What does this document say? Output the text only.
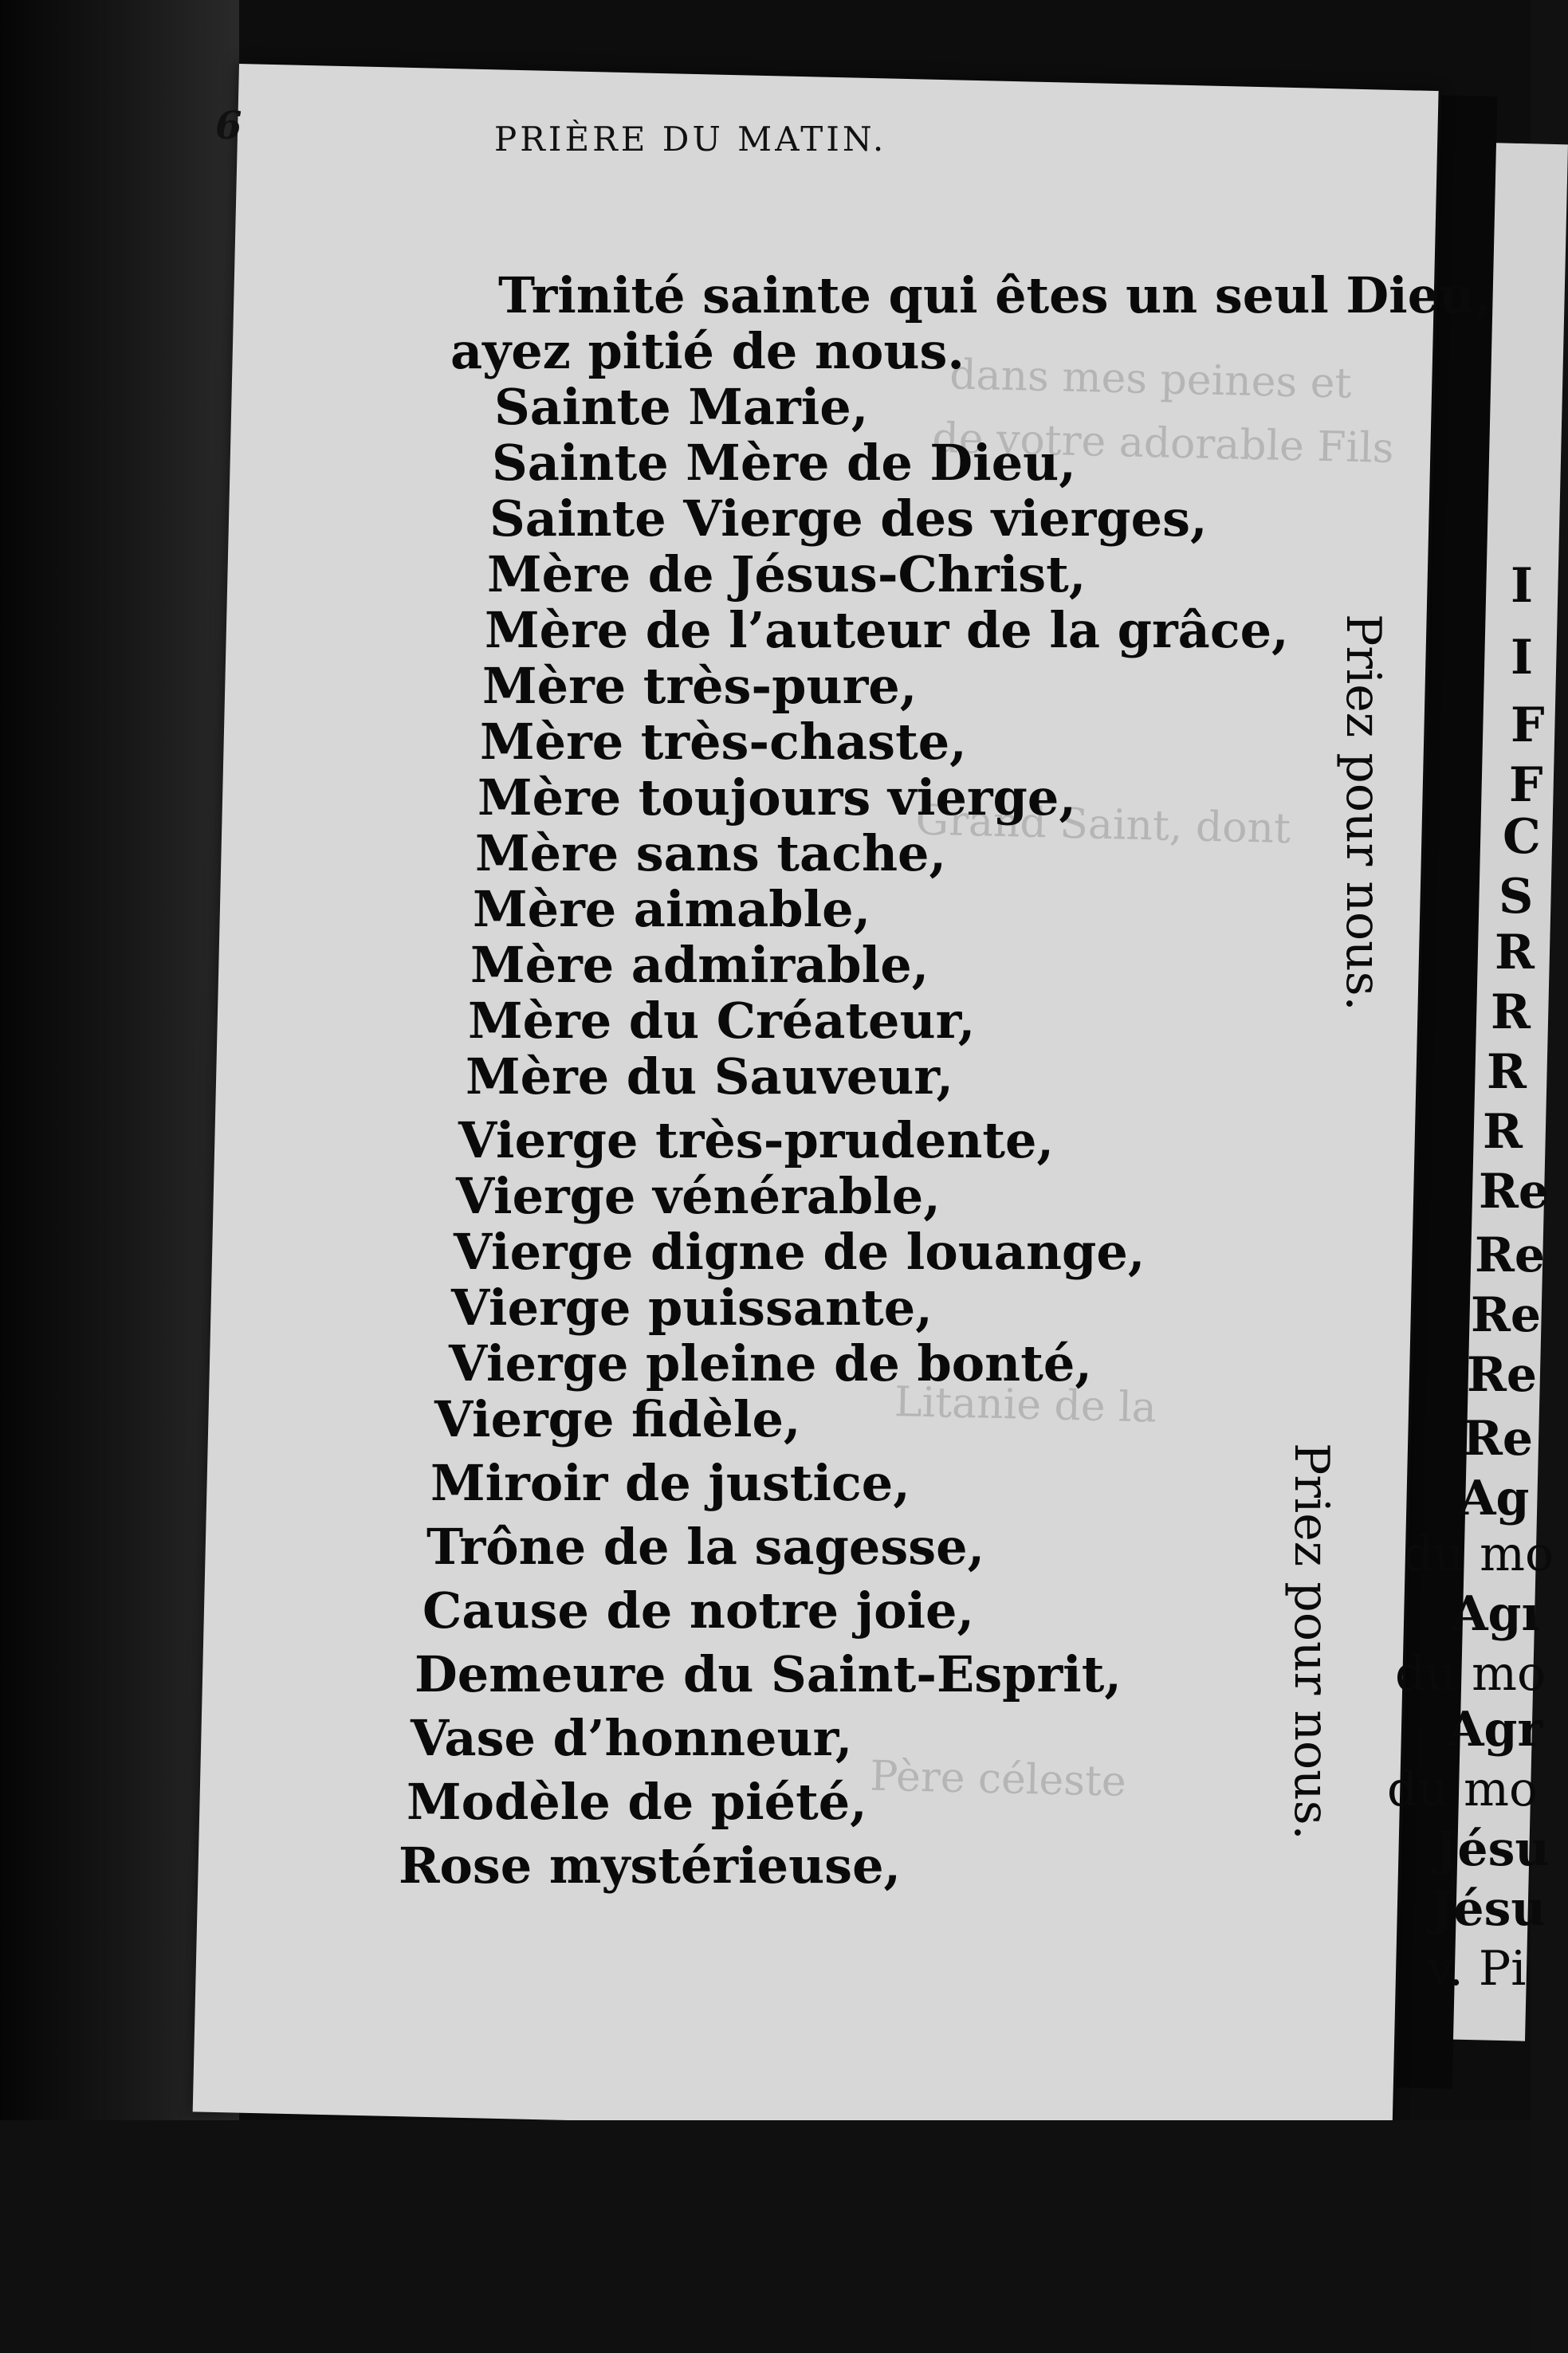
dans mes peines et
de votre adorable Fils
Grand Saint, dont
Litanie de la
Père céleste
6	PRIÈRE DU MATIN.
Trinité sainte qui êtes un seul Dieu,
ayez pitié de nous.
Sainte Marie,
Sainte Mère de Dieu,
Sainte Vierge des vierges,
Mère de Jésus-Christ,
Mère de l’auteur de la grâce,
Mère très-pure,
Mère très-chaste,
Mère toujours vierge,
Mère sans tache,
Mère aimable,
Mère admirable,
Mère du Créateur,
Mère du Sauveur,
Vierge très-prudente,
Vierge vénérable,
Vierge digne de louange,
Vierge puissante,
Vierge pleine de bonté,
Vierge fidèle,
Miroir de justice,
Trône de la sagesse,
Cause de notre joie,
Demeure du Saint-Esprit,
Vase d’honneur,
Modèle de piété,
Rose mystérieuse,
Priez pour nous.
Priez pour nous.
I
I
F
F
C
S
R
R
R
R
Re
Re
Re
Re
Re
Ag
du mo
Agı
du mo
Agr
du mo
Jésu
Jésu
v. Pi
